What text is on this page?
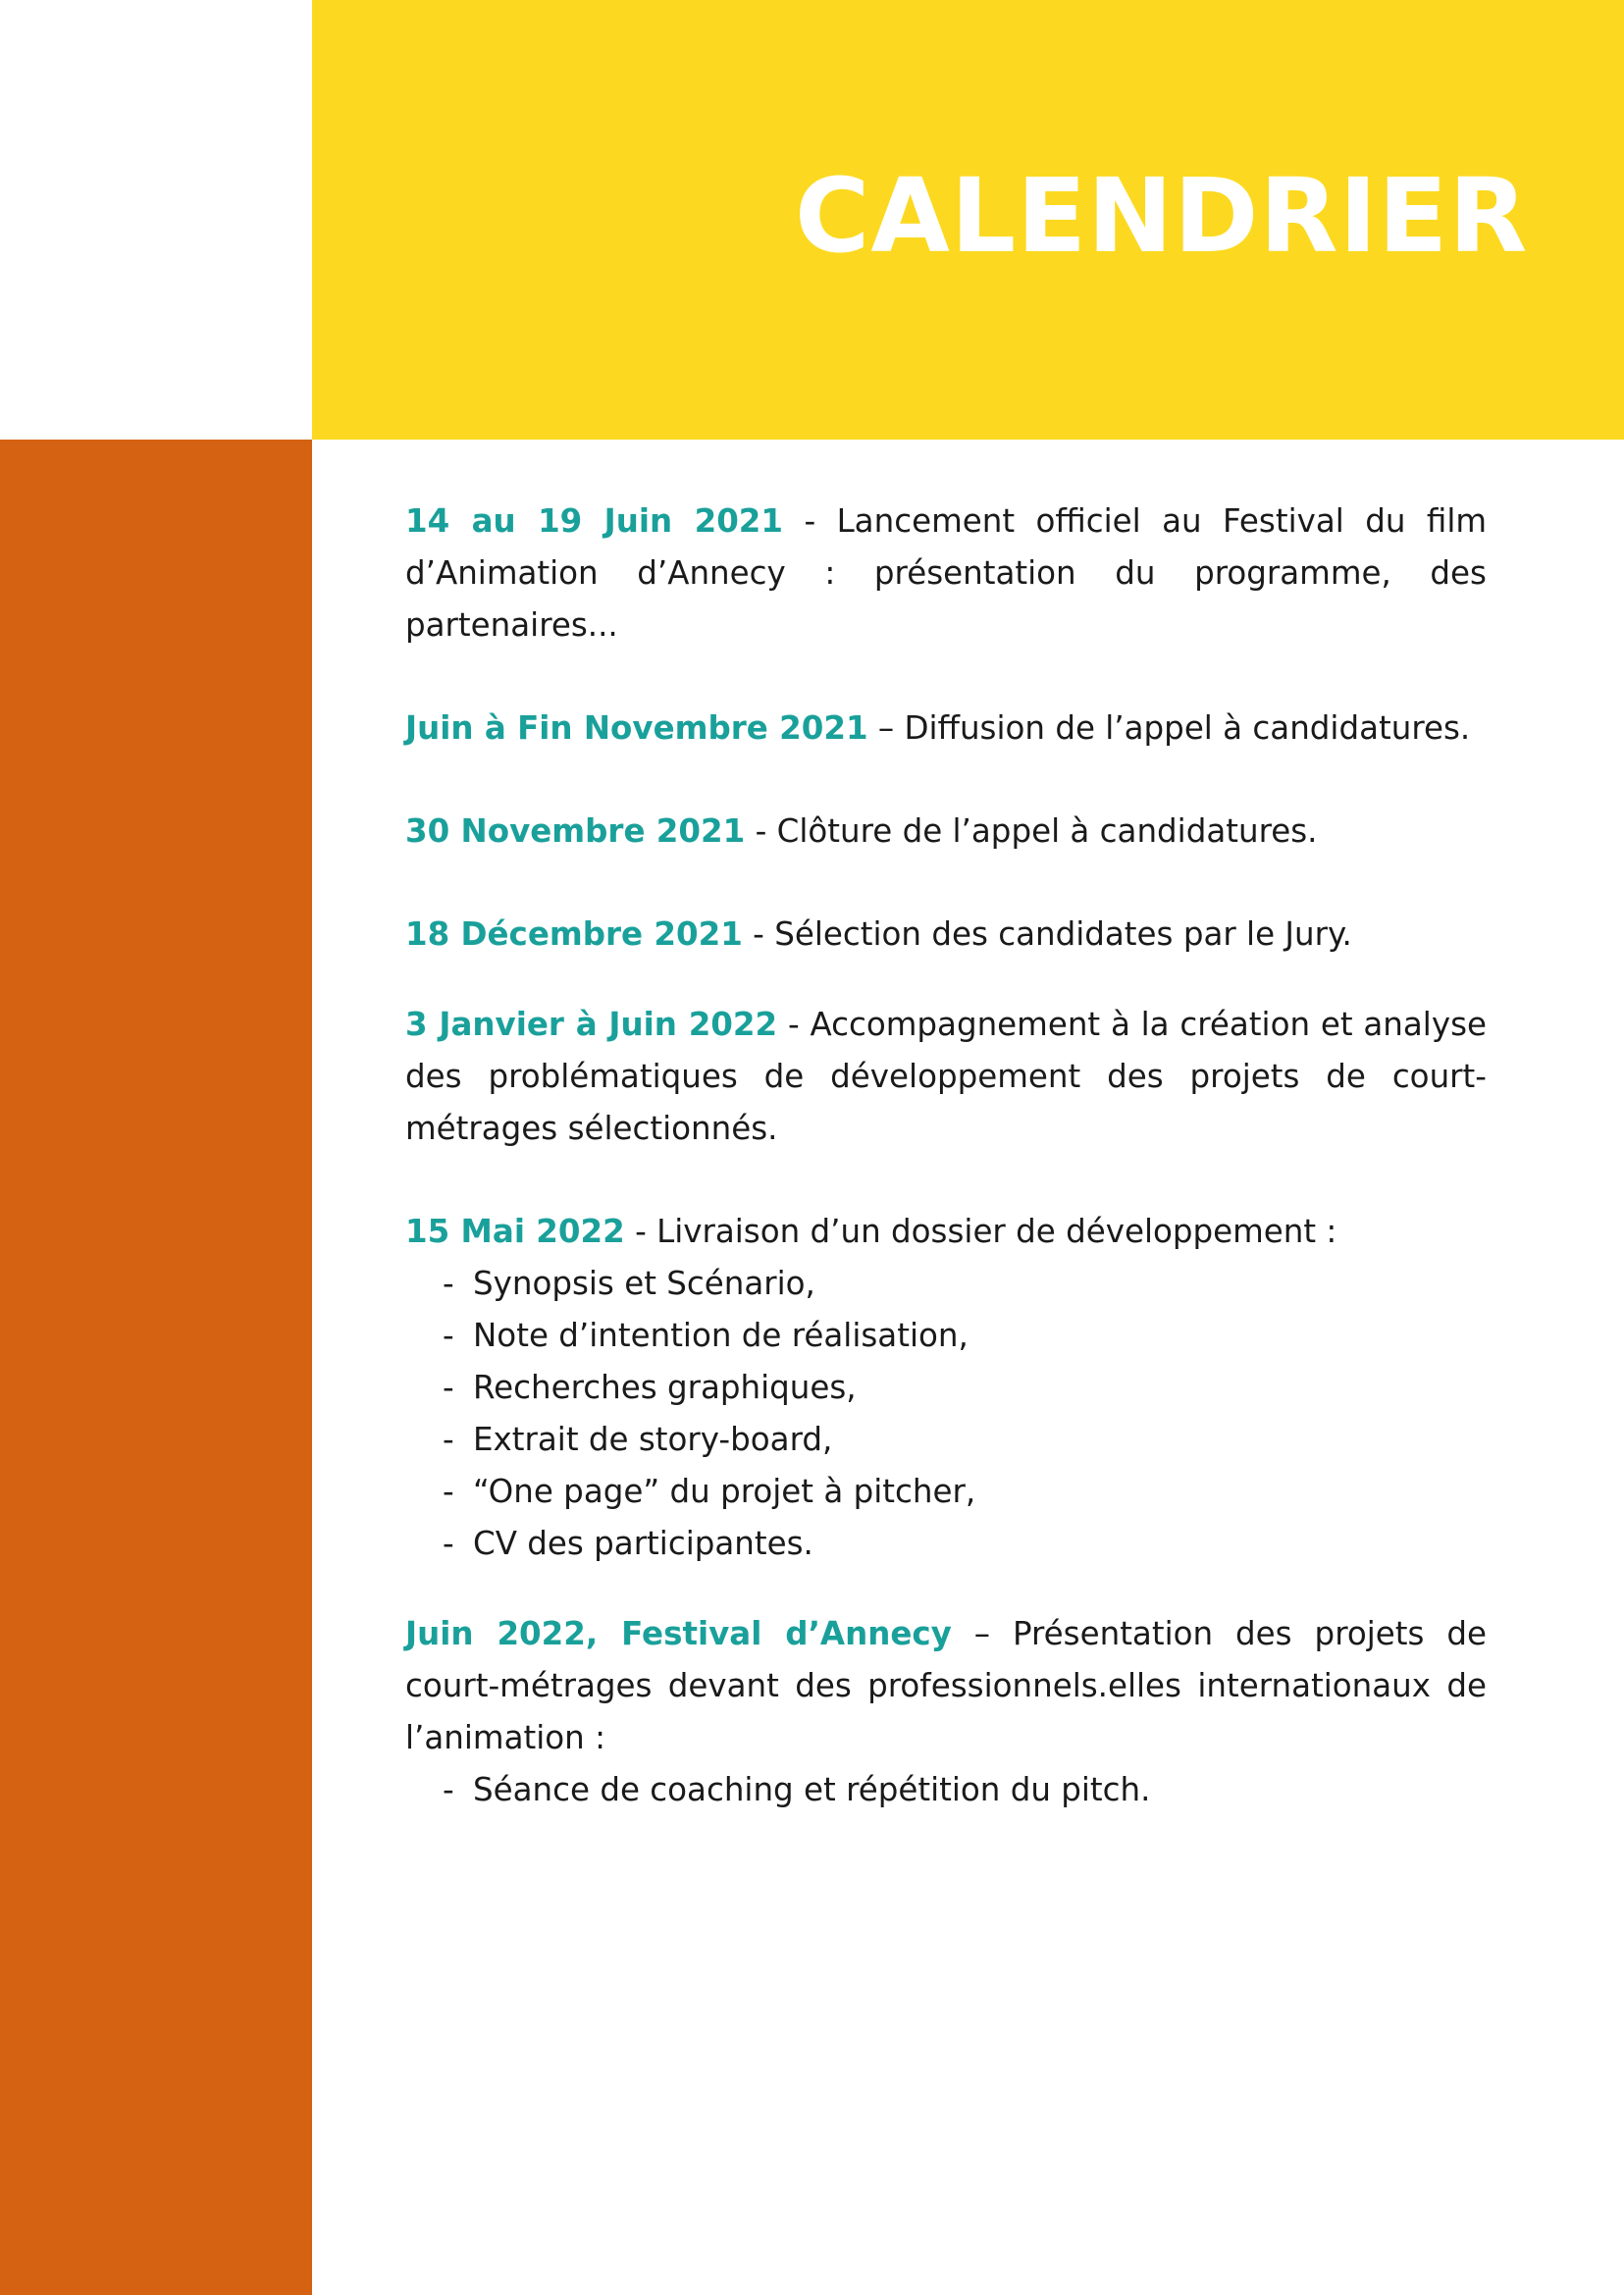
CALENDRIER

14 au 19 Juin 2021 - Lancement officiel au Festival du film d’Animation d’Annecy : présentation du programme, des partenaires...

Juin à Fin Novembre 2021 – Diffusion de l’appel à candidatures.

30 Novembre 2021 - Clôture de l’appel à candidatures.

18 Décembre 2021 - Sélection des candidates par le Jury.

3 Janvier à Juin 2022 - Accompagnement à la création et analyse des problématiques de développement des projets de court-métrages sélectionnés.

15 Mai 2022 - Livraison d’un dossier de développement :

- Synopsis et Scénario,
- Note d’intention de réalisation,
- Recherches graphiques,
- Extrait de story-board,
- “One page” du projet à pitcher,
- CV des participantes.

Juin 2022, Festival d’Annecy – Présentation des projets de court-métrages devant des professionnels.elles internationaux de l’animation :

- Séance de coaching et répétition du pitch.
